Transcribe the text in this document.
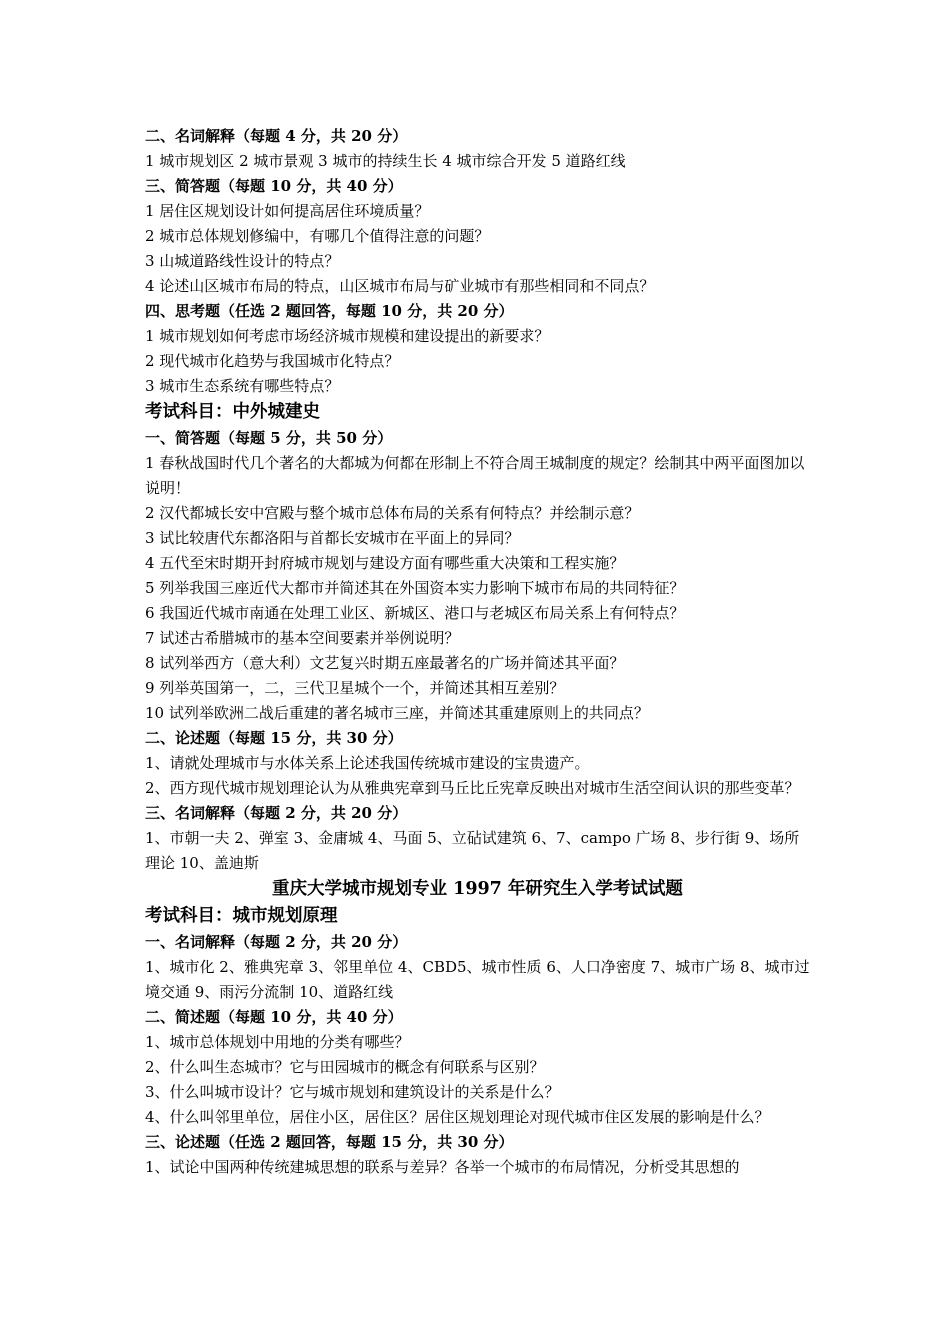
二、名词解释（每题 4 分，共 20 分）

1 城市规划区 2 城市景观 3 城市的持续生长 4 城市综合开发 5 道路红线

三、简答题（每题 10 分，共 40 分）

1 居住区规划设计如何提高居住环境质量？

2 城市总体规划修编中，有哪几个值得注意的问题？

3 山城道路线性设计的特点？

4 论述山区城市布局的特点，山区城市布局与矿业城市有那些相同和不同点？

四、思考题（任选 2 题回答，每题 10 分，共 20 分）

1 城市规划如何考虑市场经济城市规模和建设提出的新要求？

2 现代城市化趋势与我国城市化特点？

3 城市生态系统有哪些特点？

考试科目：中外城建史

一、简答题（每题 5 分，共 50 分）

1 春秋战国时代几个著名的大都城为何都在形制上不符合周王城制度的规定？绘制其中两平面图加以说明！

2 汉代都城长安中宫殿与整个城市总体布局的关系有何特点？并绘制示意？

3 试比较唐代东都洛阳与首都长安城市在平面上的异同？

4 五代至宋时期开封府城市规划与建设方面有哪些重大决策和工程实施？

5 列举我国三座近代大都市并简述其在外国资本实力影响下城市布局的共同特征？

6 我国近代城市南通在处理工业区、新城区、港口与老城区布局关系上有何特点？

7 试述古希腊城市的基本空间要素并举例说明？

8 试列举西方（意大利）文艺复兴时期五座最著名的广场并简述其平面？

9 列举英国第一，二，三代卫星城个一个，并简述其相互差别？

10 试列举欧洲二战后重建的著名城市三座，并简述其重建原则上的共同点？

二、论述题（每题 15 分，共 30 分）

1、请就处理城市与水体关系上论述我国传统城市建设的宝贵遗产。

2、西方现代城市规划理论认为从雅典宪章到马丘比丘宪章反映出对城市生活空间认识的那些变革？

三、名词解释（每题 2 分，共 20 分）

1、市朝一夫 2、弹室 3、金庸城 4、马面 5、立砧试建筑 6、7、campo 广场 8、步行街 9、场所理论 10、盖迪斯

重庆大学城市规划专业 1997 年研究生入学考试试题

考试科目：城市规划原理

一、名词解释（每题 2 分，共 20 分）

1、城市化 2、雅典宪章 3、邻里单位 4、CBD5、城市性质 6、人口净密度 7、城市广场 8、城市过境交通 9、雨污分流制 10、道路红线

二、简述题（每题 10 分，共 40 分）

1、城市总体规划中用地的分类有哪些？

2、什么叫生态城市？它与田园城市的概念有何联系与区别？

3、什么叫城市设计？它与城市规划和建筑设计的关系是什么？

4、什么叫邻里单位，居住小区，居住区？居住区规划理论对现代城市住区发展的影响是什么？

三、论述题（任选 2 题回答，每题 15 分，共 30 分）

1、试论中国两种传统建城思想的联系与差异？各举一个城市的布局情况，分析受其思想的
